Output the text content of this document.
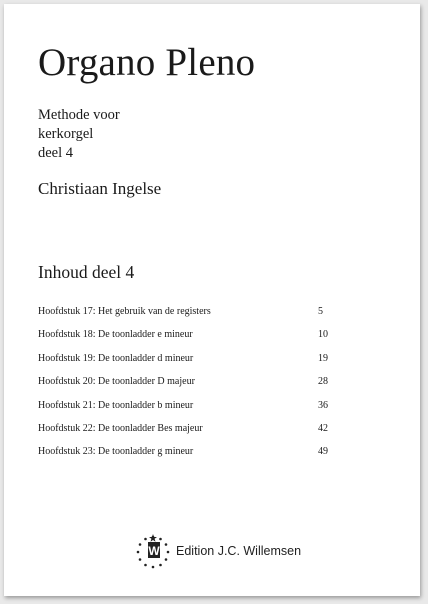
Organo Pleno
Methode voor
kerkorgel
deel 4
Christiaan Ingelse
Inhoud deel 4
Hoofdstuk 17: Het gebruik van de registers	5
Hoofdstuk 18: De toonladder e mineur	10
Hoofdstuk 19: De toonladder d mineur	19
Hoofdstuk 20: De toonladder D majeur	28
Hoofdstuk 21: De toonladder b mineur	36
Hoofdstuk 22: De toonladder Bes majeur	42
Hoofdstuk 23: De toonladder g mineur	49
W Edition J.C. Willemsen
